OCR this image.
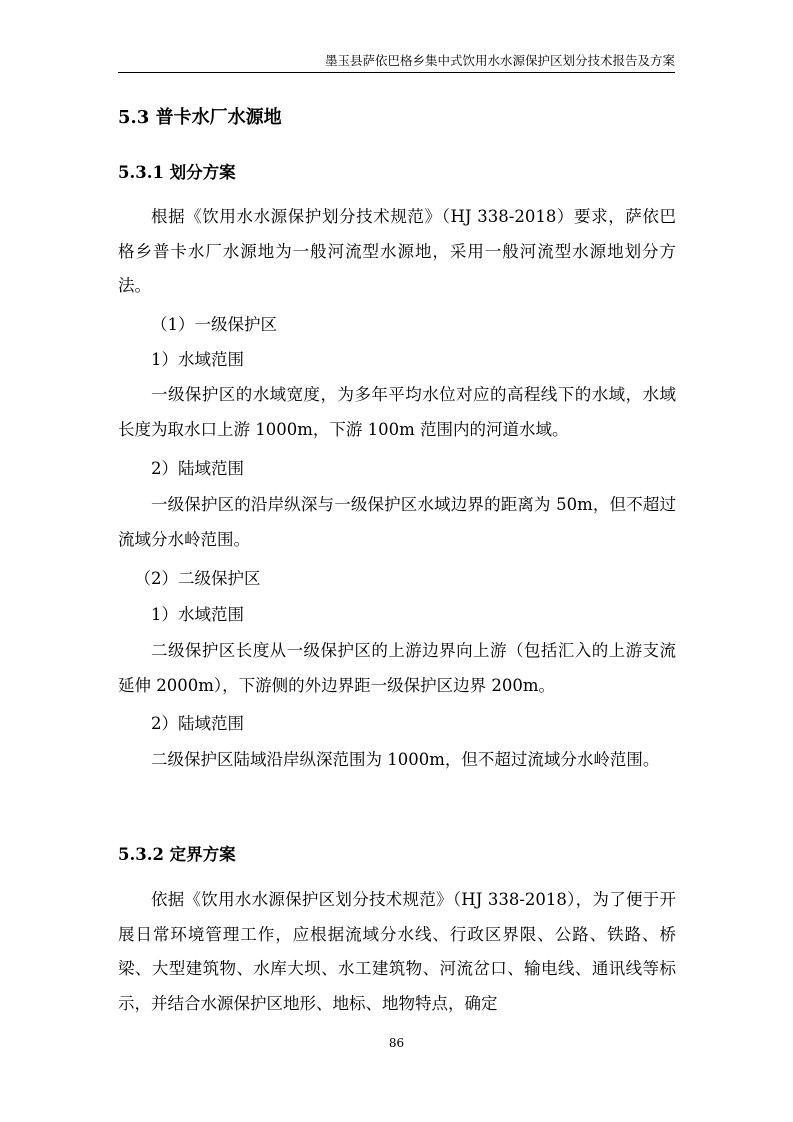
墨玉县萨依巴格乡集中式饮用水水源保护区划分技术报告及方案
5.3 普卡水厂水源地
5.3.1 划分方案

根据《饮用水水源保护划分技术规范》（HJ 338-2018）要求，萨依巴格乡普卡水厂水源地为一般河流型水源地，采用一般河流型水源地划分方法。

（1）一级保护区

1）水域范围

一级保护区的水域宽度，为多年平均水位对应的高程线下的水域，水域长度为取水口上游 1000m，下游 100m 范围内的河道水域。

2）陆域范围

一级保护区的沿岸纵深与一级保护区水域边界的距离为 50m，但不超过流域分水岭范围。

（2）二级保护区

1）水域范围

二级保护区长度从一级保护区的上游边界向上游（包括汇入的上游支流延伸 2000m），下游侧的外边界距一级保护区边界 200m。

2）陆域范围

二级保护区陆域沿岸纵深范围为 1000m，但不超过流域分水岭范围。

5.3.2 定界方案

依据《饮用水水源保护区划分技术规范》（HJ 338-2018），为了便于开展日常环境管理工作，应根据流域分水线、行政区界限、公路、铁路、桥梁、大型建筑物、水库大坝、水工建筑物、河流岔口、输电线、通讯线等标示，并结合水源保护区地形、地标、地物特点，确定

86
